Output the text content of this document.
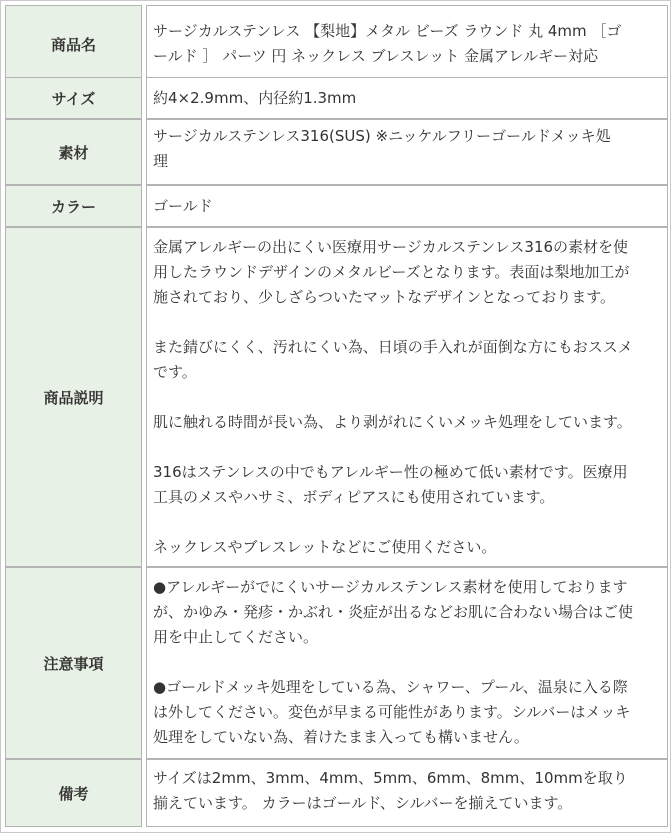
商品名
サージカルステンレス 【梨地】メタル ビーズ ラウンド 丸 4mm ［ゴ
ールド ］ パーツ 円 ネックレス ブレスレット 金属アレルギー対応
サイズ	約4×2.9mm、内径約1.3mm
素材
サージカルステンレス316(SUS) ※ニッケルフリーゴールドメッキ処
理
カラー	ゴールド
商品説明
金属アレルギーの出にくい医療用サージカルステンレス316の素材を使
用したラウンドデザインのメタルビーズとなります。表面は梨地加工が
施されており、少しざらついたマットなデザインとなっております。
また錆びにくく、汚れにくい為、日頃の手入れが面倒な方にもおススメ
です。
肌に触れる時間が長い為、より剥がれにくいメッキ処理をしています。
316はステンレスの中でもアレルギー性の極めて低い素材です。医療用
工具のメスやハサミ、ボディピアスにも使用されています。
ネックレスやブレスレットなどにご使用ください。
注意事項
●アレルギーがでにくいサージカルステンレス素材を使用しております
が、かゆみ・発疹・かぶれ・炎症が出るなどお肌に合わない場合はご使
用を中止してください。
●ゴールドメッキ処理をしている為、シャワー、プール、温泉に入る際
は外してください。変色が早まる可能性があります。シルバーはメッキ
処理をしていない為、着けたまま入っても構いません。
備考
サイズは2mm、3mm、4mm、5mm、6mm、8mm、10mmを取り
揃えています。 カラーはゴールド、シルバーを揃えています。
